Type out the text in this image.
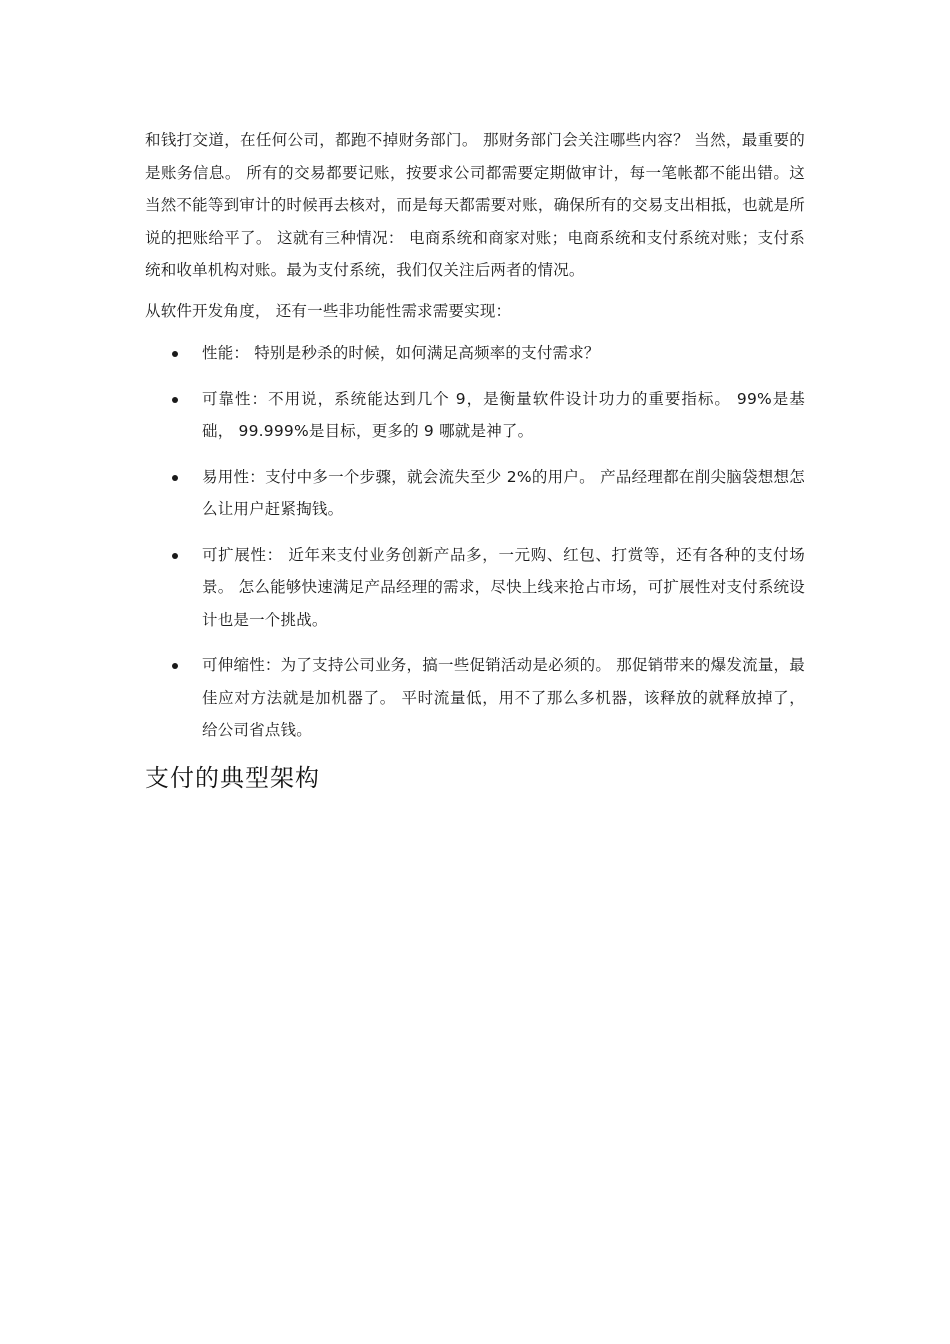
和钱打交道，在任何公司，都跑不掉财务部门。 那财务部门会关注哪些内容？ 当然，最重要的是账务信息。 所有的交易都要记账，按要求公司都需要定期做审计，每一笔帐都不能出错。这当然不能等到审计的时候再去核对，而是每天都需要对账，确保所有的交易支出相抵，也就是所说的把账给平了。 这就有三种情况： 电商系统和商家对账；电商系统和支付系统对账；支付系统和收单机构对账。最为支付系统，我们仅关注后两者的情况。

从软件开发角度， 还有一些非功能性需求需要实现：

性能： 特别是秒杀的时候，如何满足高频率的支付需求？
可靠性：不用说，系统能达到几个 9，是衡量软件设计功力的重要指标。 99%是基础， 99.999%是目标，更多的 9 哪就是神了。
易用性：支付中多一个步骤，就会流失至少 2%的用户。 产品经理都在削尖脑袋想想怎么让用户赶紧掏钱。
可扩展性： 近年来支付业务创新产品多，一元购、红包、打赏等，还有各种的支付场景。 怎么能够快速满足产品经理的需求，尽快上线来抢占市场，可扩展性对支付系统设计也是一个挑战。
可伸缩性：为了支持公司业务，搞一些促销活动是必须的。 那促销带来的爆发流量，最佳应对方法就是加机器了。 平时流量低，用不了那么多机器，该释放的就释放掉了， 给公司省点钱。
支付的典型架构
